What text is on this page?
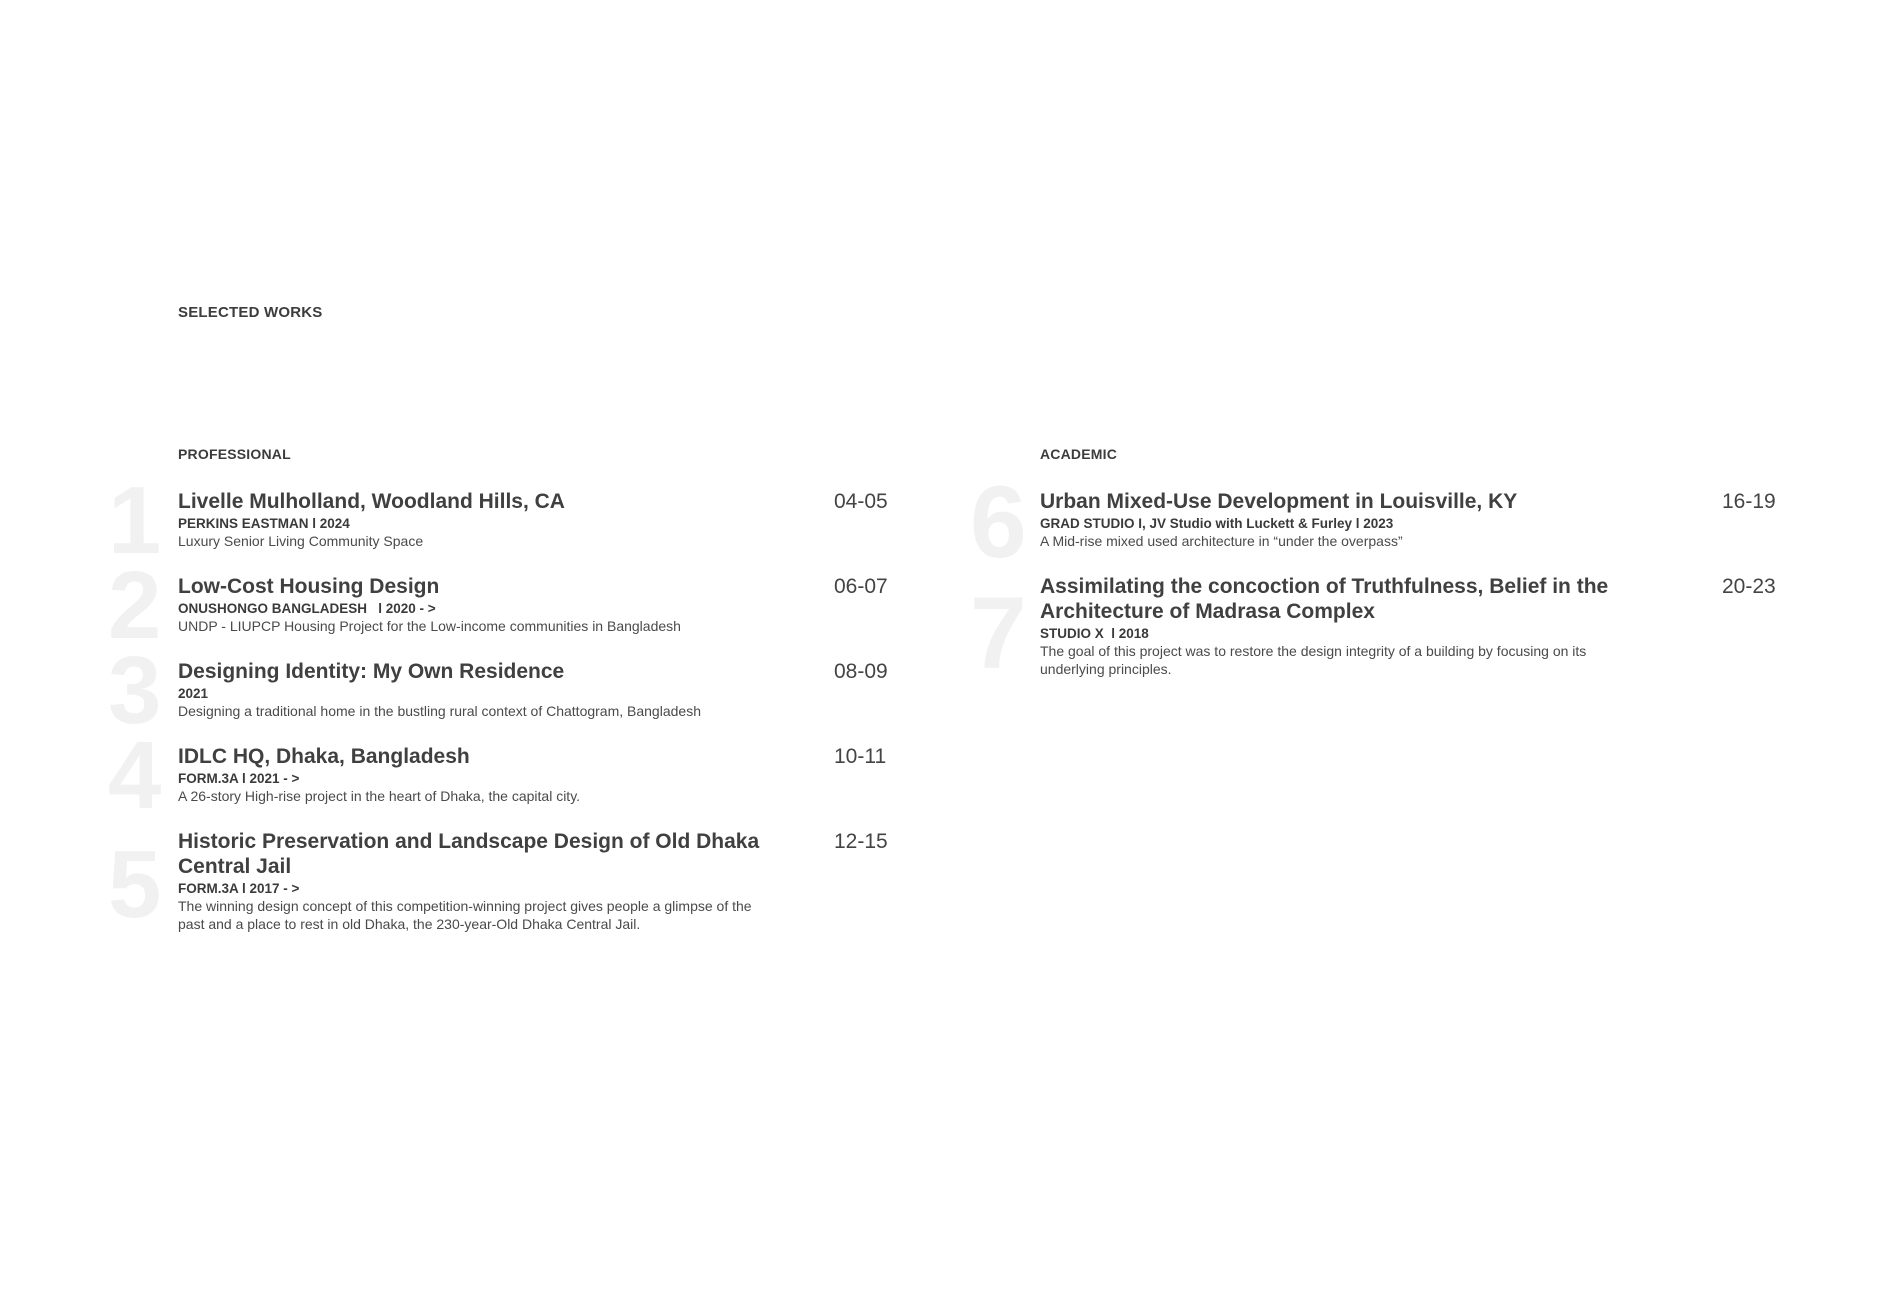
SELECTED WORKS
PROFESSIONAL
1 Livelle Mulholland, Woodland Hills, CA
PERKINS EASTMAN l 2024
Luxury Senior Living Community Space
04-05
2 Low-Cost Housing Design
ONUSHONGO BANGLADESH   l 2020 - >
UNDP - LIUPCP Housing Project for the Low-income communities in Bangladesh
06-07
3 Designing Identity: My Own Residence
2021
Designing a traditional home in the bustling rural context of Chattogram, Bangladesh
08-09
4 IDLC HQ, Dhaka, Bangladesh
FORM.3A l 2021 - >
A 26-story High-rise project in the heart of Dhaka, the capital city.
10-11
5 Historic Preservation and Landscape Design of Old Dhaka Central Jail
FORM.3A l 2017 - >
The winning design concept of this competition-winning project gives people a glimpse of the past and a place to rest in old Dhaka, the 230-year-Old Dhaka Central Jail.
12-15
ACADEMIC
6 Urban Mixed-Use Development in Louisville, KY
GRAD STUDIO I, JV Studio with Luckett & Furley l 2023
A Mid-rise mixed used architecture in “under the overpass”
16-19
7 Assimilating the concoction of Truthfulness, Belief in the Architecture of Madrasa Complex
STUDIO X  l 2018
The goal of this project was to restore the design integrity of a building by focusing on its underlying principles.
20-23
